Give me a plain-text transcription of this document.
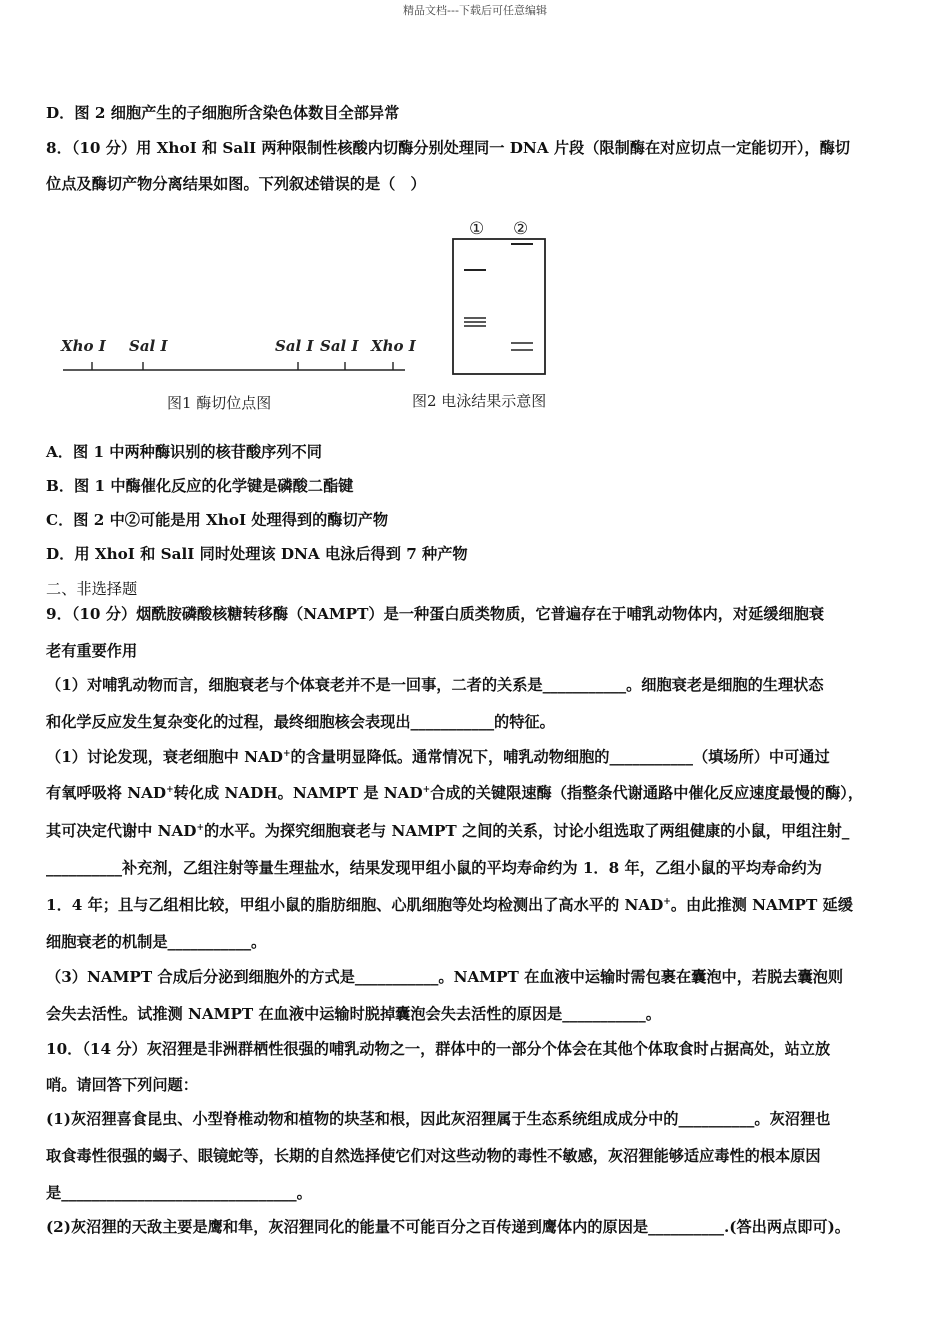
精品文档---下载后可任意编辑
D．图 2 细胞产生的子细胞所含染色体数目全部异常
8．（10 分）用 XhoI 和 SalI 两种限制性核酸内切酶分别处理同一 DNA 片段（限制酶在对应切点一定能切开），酶切
位点及酶切产物分离结果如图。下列叙述错误的是（　）
Xho I Sal I	Sal I Sal I Xho I
图1 酶切位点图
① ②
图2 电泳结果示意图
A．图 1 中两种酶识别的核苷酸序列不同
B．图 1 中酶催化反应的化学键是磷酸二酯键
C．图 2 中②可能是用 XhoI 处理得到的酶切产物
D．用 XhoI 和 SalI 同时处理该 DNA 电泳后得到 7 种产物
二、非选择题
9．（10 分）烟酰胺磷酸核糖转移酶（NAMPT）是一种蛋白质类物质，它普遍存在于哺乳动物体内，对延缓细胞衰
老有重要作用
（1）对哺乳动物而言，细胞衰老与个体衰老并不是一回事，二者的关系是___________。细胞衰老是细胞的生理状态
和化学反应发生复杂变化的过程，最终细胞核会表现出___________的特征。
（1）讨论发现，衰老细胞中 NAD+的含量明显降低。通常情况下，哺乳动物细胞的___________（填场所）中可通过
有氧呼吸将 NAD+转化成 NADH。NAMPT 是 NAD+合成的关键限速酶（指整条代谢通路中催化反应速度最慢的酶），
其可决定代谢中 NAD+的水平。为探究细胞衰老与 NAMPT 之间的关系，讨论小组选取了两组健康的小鼠，甲组注射_
__________补充剂，乙组注射等量生理盐水，结果发现甲组小鼠的平均寿命约为 1．8 年，乙组小鼠的平均寿命约为
1．4 年；且与乙组相比较，甲组小鼠的脂肪细胞、心肌细胞等处均检测出了高水平的 NAD+。由此推测 NAMPT 延缓
细胞衰老的机制是___________。
（3）NAMPT 合成后分泌到细胞外的方式是___________。NAMPT 在血液中运输时需包裹在囊泡中，若脱去囊泡则
会失去活性。试推测 NAMPT 在血液中运输时脱掉囊泡会失去活性的原因是___________。
10．（14 分）灰沼狸是非洲群栖性很强的哺乳动物之一，群体中的一部分个体会在其他个体取食时占据高处，站立放
哨。请回答下列问题：
(1)灰沼狸喜食昆虫、小型脊椎动物和植物的块茎和根，因此灰沼狸属于生态系统组成成分中的__________。灰沼狸也
取食毒性很强的蝎子、眼镜蛇等，长期的自然选择使它们对这些动物的毒性不敏感，灰沼狸能够适应毒性的根本原因
是_______________________________。
(2)灰沼狸的天敌主要是鹰和隼，灰沼狸同化的能量不可能百分之百传递到鹰体内的原因是__________.(答出两点即可)。
